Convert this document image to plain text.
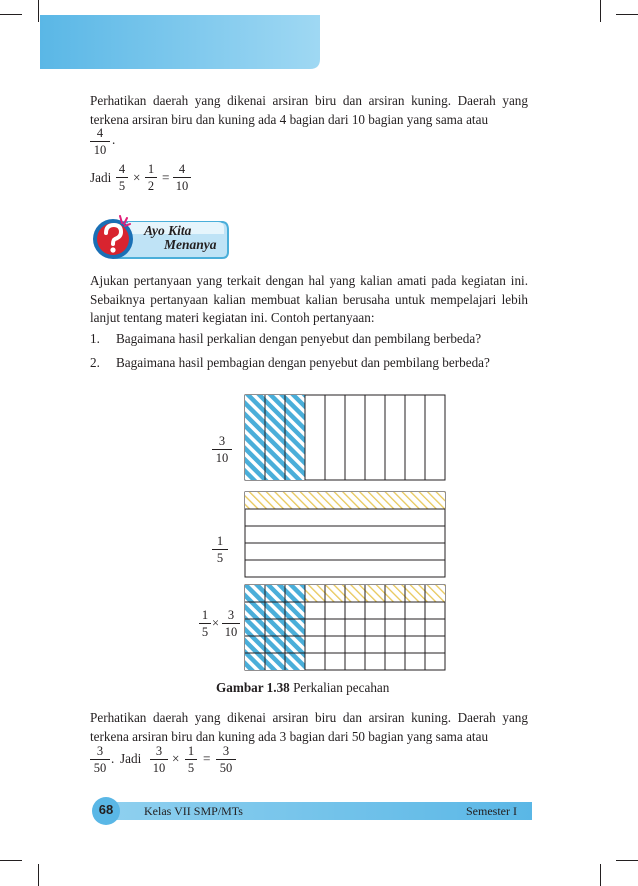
Perhatikan daerah yang dikenai arsiran biru dan arsiran kuning. Daerah yang terkena arsiran biru dan kuning ada 4 bagian dari 10 bagian yang sama atau
4
10
.
Jadi
4
5
×
1
2
=
4
10
Ayo Kita
Menanya
Ajukan pertanyaan yang terkait dengan hal yang kalian amati pada kegiatan ini. Sebaiknya pertanyaan kalian membuat kalian berusaha untuk mempelajari lebih lanjut tentang materi kegiatan ini. Contoh pertanyaan:
1. Bagaimana hasil perkalian dengan penyebut dan pembilang berbeda?
2. Bagaimana hasil pembagian dengan penyebut dan pembilang berbeda?
3
10
1
5
1
5
×
3
10
Gambar 1.38 Perkalian pecahan
Perhatikan daerah yang dikenai arsiran biru dan arsiran kuning. Daerah yang terkena arsiran biru dan kuning ada 3 bagian dari 50 bagian yang sama atau
3
50
. Jadi	3
10
× 1
5
= 3
50
68	Kelas VII SMP/MTs	Semester I
